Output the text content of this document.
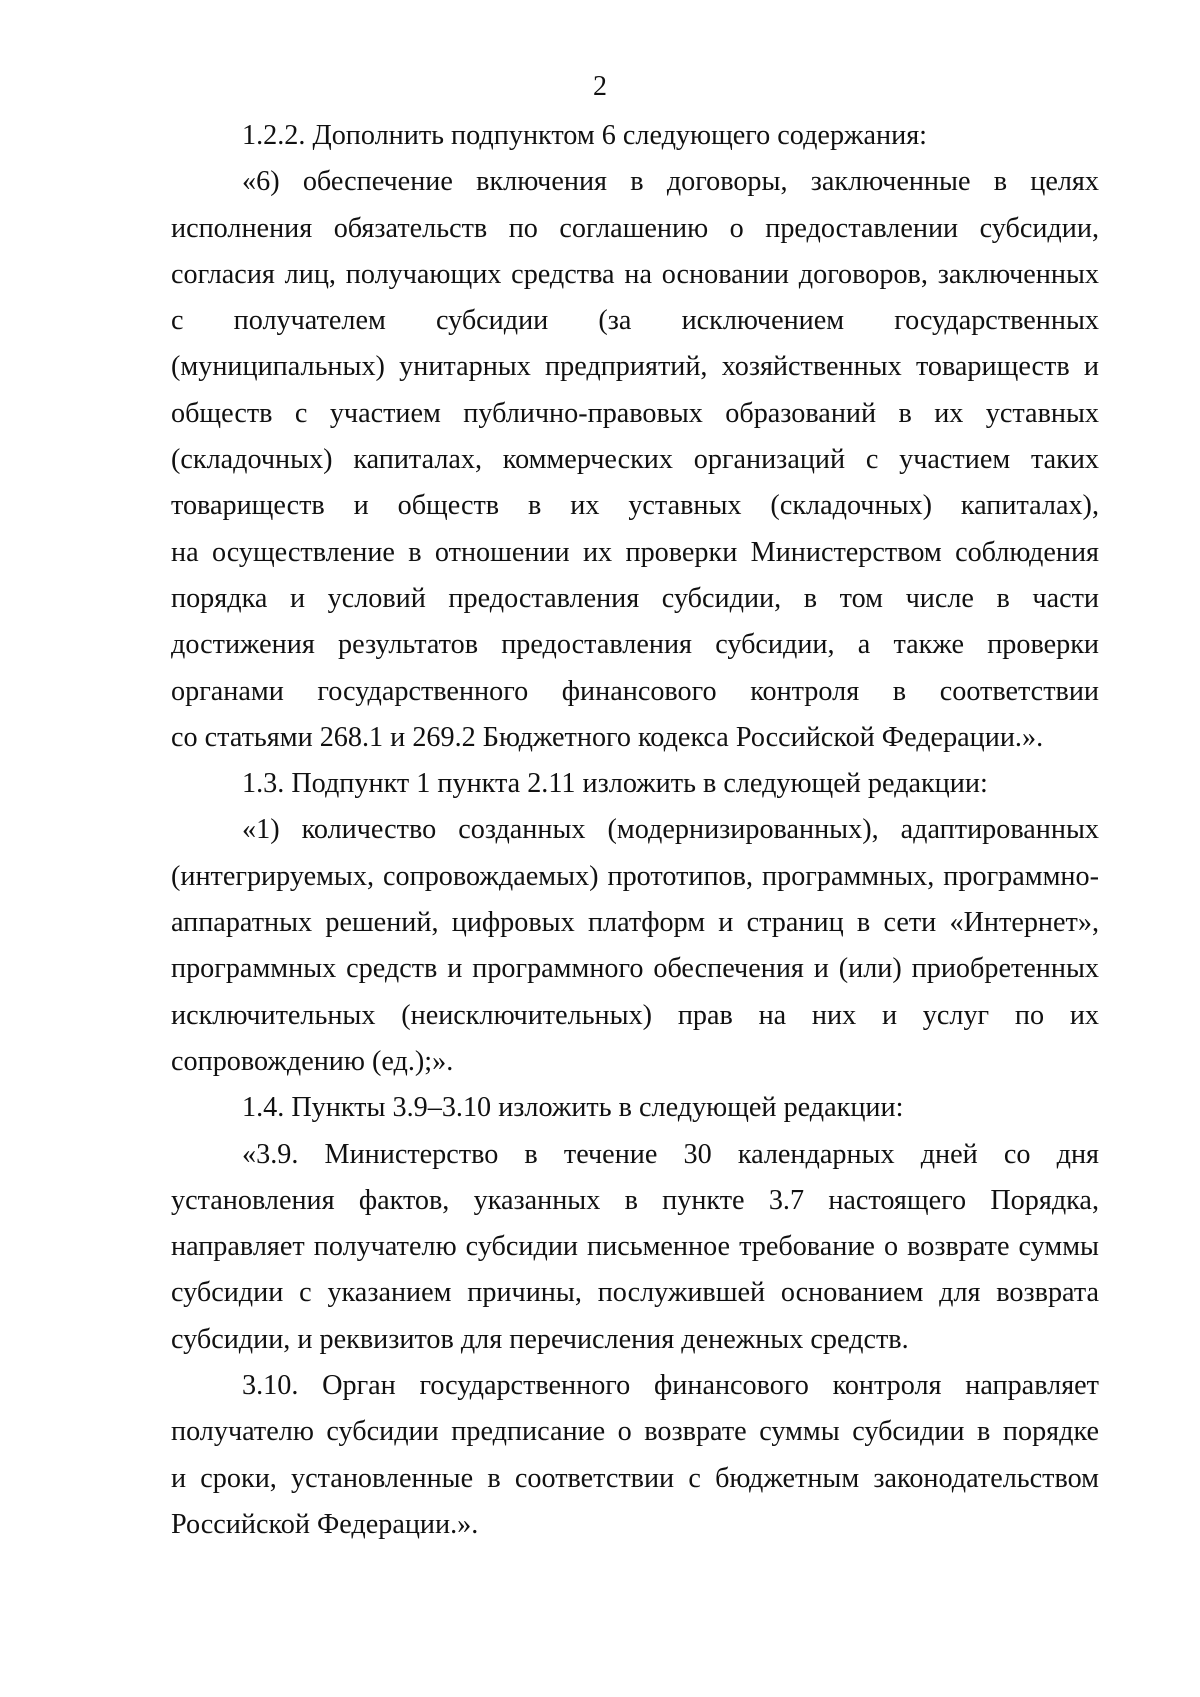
2
1.2.2. Дополнить подпунктом 6 следующего содержания:
«6) обеспечение включения в договоры, заключенные в целях
исполнения обязательств по соглашению о предоставлении субсидии,
согласия лиц, получающих средства на основании договоров, заключенных
с получателем субсидии (за исключением государственных
(муниципальных) унитарных предприятий, хозяйственных товариществ и
обществ с участием публично-правовых образований в их уставных
(складочных) капиталах, коммерческих организаций с участием таких
товариществ и обществ в их уставных (складочных) капиталах),
на осуществление в отношении их проверки Министерством соблюдения
порядка и условий предоставления субсидии, в том числе в части
достижения результатов предоставления субсидии, а также проверки
органами государственного финансового контроля в соответствии
со статьями 268.1 и 269.2 Бюджетного кодекса Российской Федерации.».
1.3. Подпункт 1 пункта 2.11 изложить в следующей редакции:
«1) количество созданных (модернизированных), адаптированных
(интегрируемых, сопровождаемых) прототипов, программных, программно-
аппаратных решений, цифровых платформ и страниц в сети «Интернет»,
программных средств и программного обеспечения и (или) приобретенных
исключительных (неисключительных) прав на них и услуг по их
сопровождению (ед.);».
1.4. Пункты 3.9–3.10 изложить в следующей редакции:
«3.9. Министерство в течение 30 календарных дней со дня
установления фактов, указанных в пункте 3.7 настоящего Порядка,
направляет получателю субсидии письменное требование о возврате суммы
субсидии с указанием причины, послужившей основанием для возврата
субсидии, и реквизитов для перечисления денежных средств.
3.10. Орган государственного финансового контроля направляет
получателю субсидии предписание о возврате суммы субсидии в порядке
и сроки, установленные в соответствии с бюджетным законодательством
Российской Федерации.».
